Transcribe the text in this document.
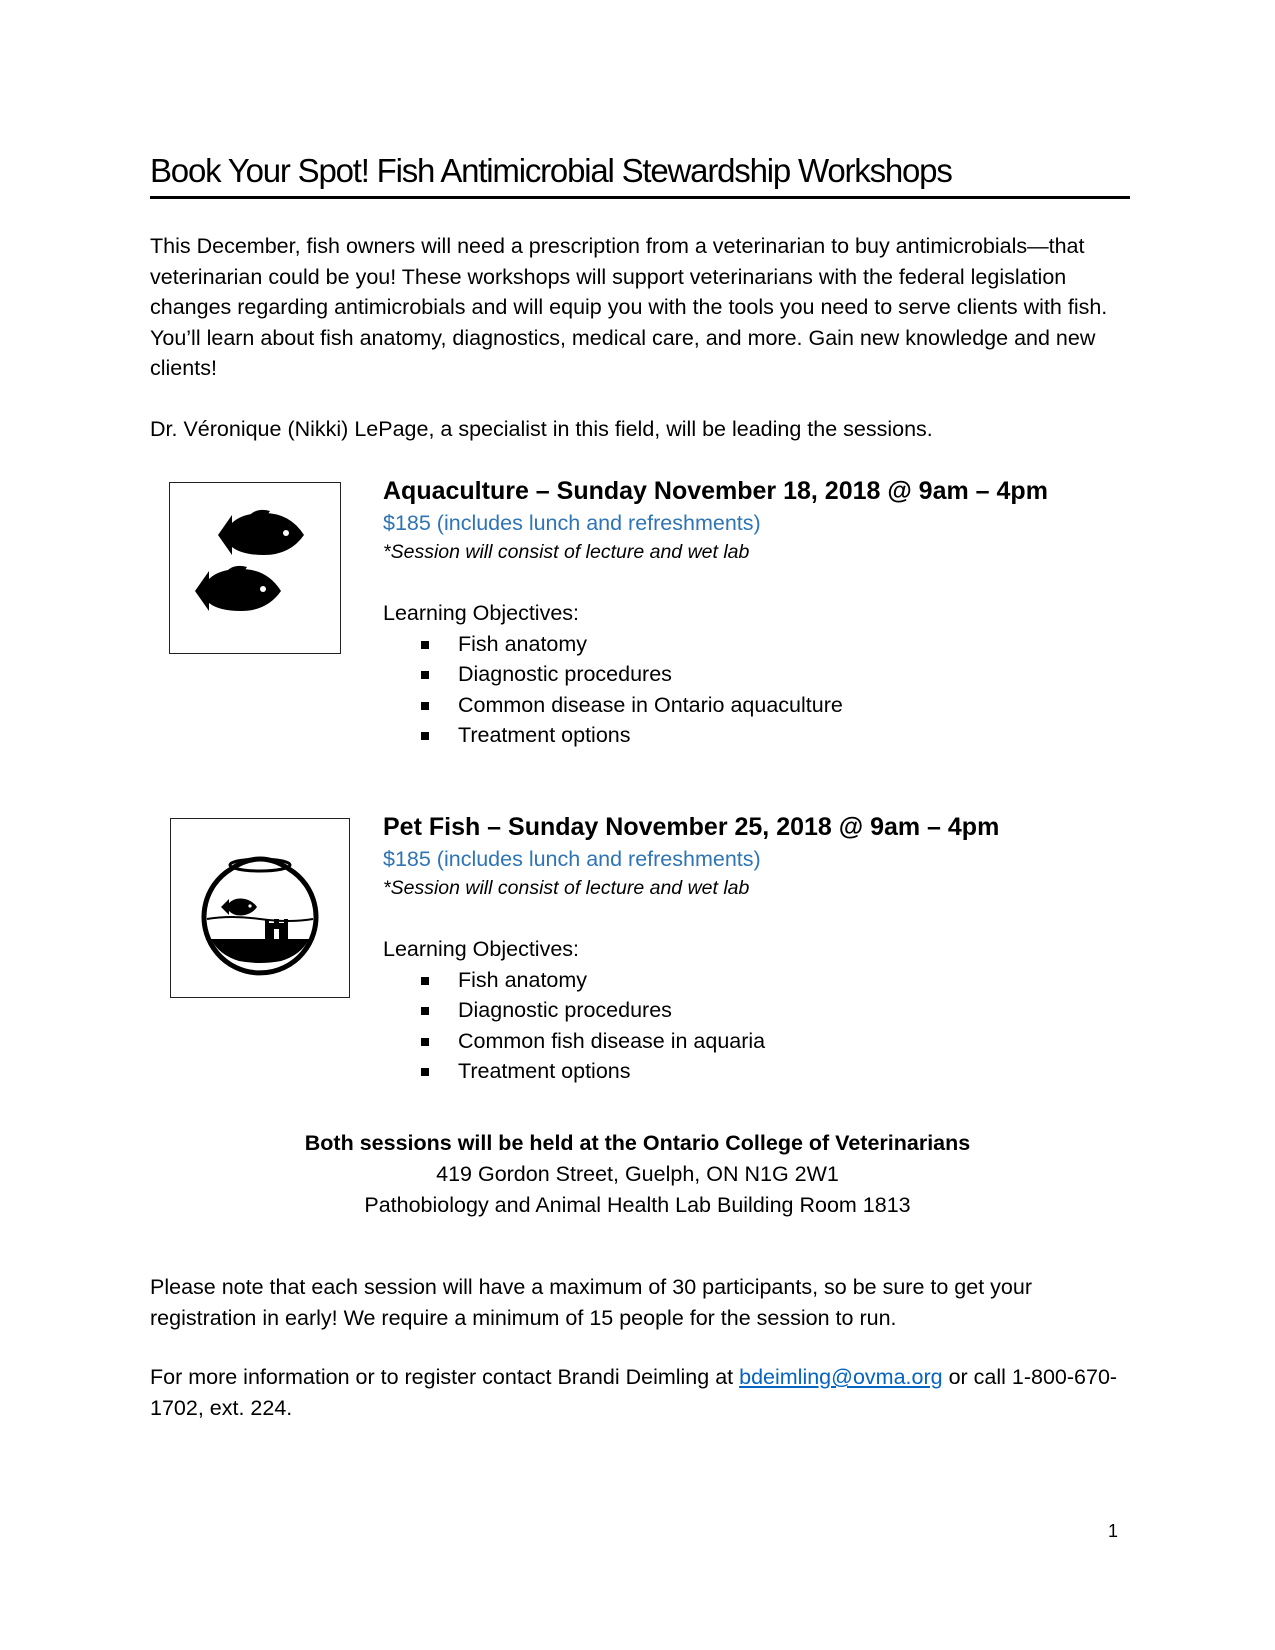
Book Your Spot! Fish Antimicrobial Stewardship Workshops

This December, fish owners will need a prescription from a veterinarian to buy antimicrobials—that veterinarian could be you! These workshops will support veterinarians with the federal legislation changes regarding antimicrobials and will equip you with the tools you need to serve clients with fish. You’ll learn about fish anatomy, diagnostics, medical care, and more. Gain new knowledge and new clients!

Dr. Véronique (Nikki) LePage, a specialist in this field, will be leading the sessions.

Aquaculture – Sunday November 18, 2018 @ 9am – 4pm

$185 (includes lunch and refreshments)

*Session will consist of lecture and wet lab

Learning Objectives:

Fish anatomy
Diagnostic procedures
Common disease in Ontario aquaculture
Treatment options

Pet Fish – Sunday November 25, 2018 @ 9am – 4pm

$185 (includes lunch and refreshments)

*Session will consist of lecture and wet lab

Learning Objectives:

Fish anatomy
Diagnostic procedures
Common fish disease in aquaria
Treatment options
Both sessions will be held at the Ontario College of Veterinarians
419 Gordon Street, Guelph, ON N1G 2W1
Pathobiology and Animal Health Lab Building Room 1813

Please note that each session will have a maximum of 30 participants, so be sure to get your registration in early! We require a minimum of 15 people for the session to run.

For more information or to register contact Brandi Deimling at bdeimling@ovma.org or call 1-800-670-1702, ext. 224.

1
